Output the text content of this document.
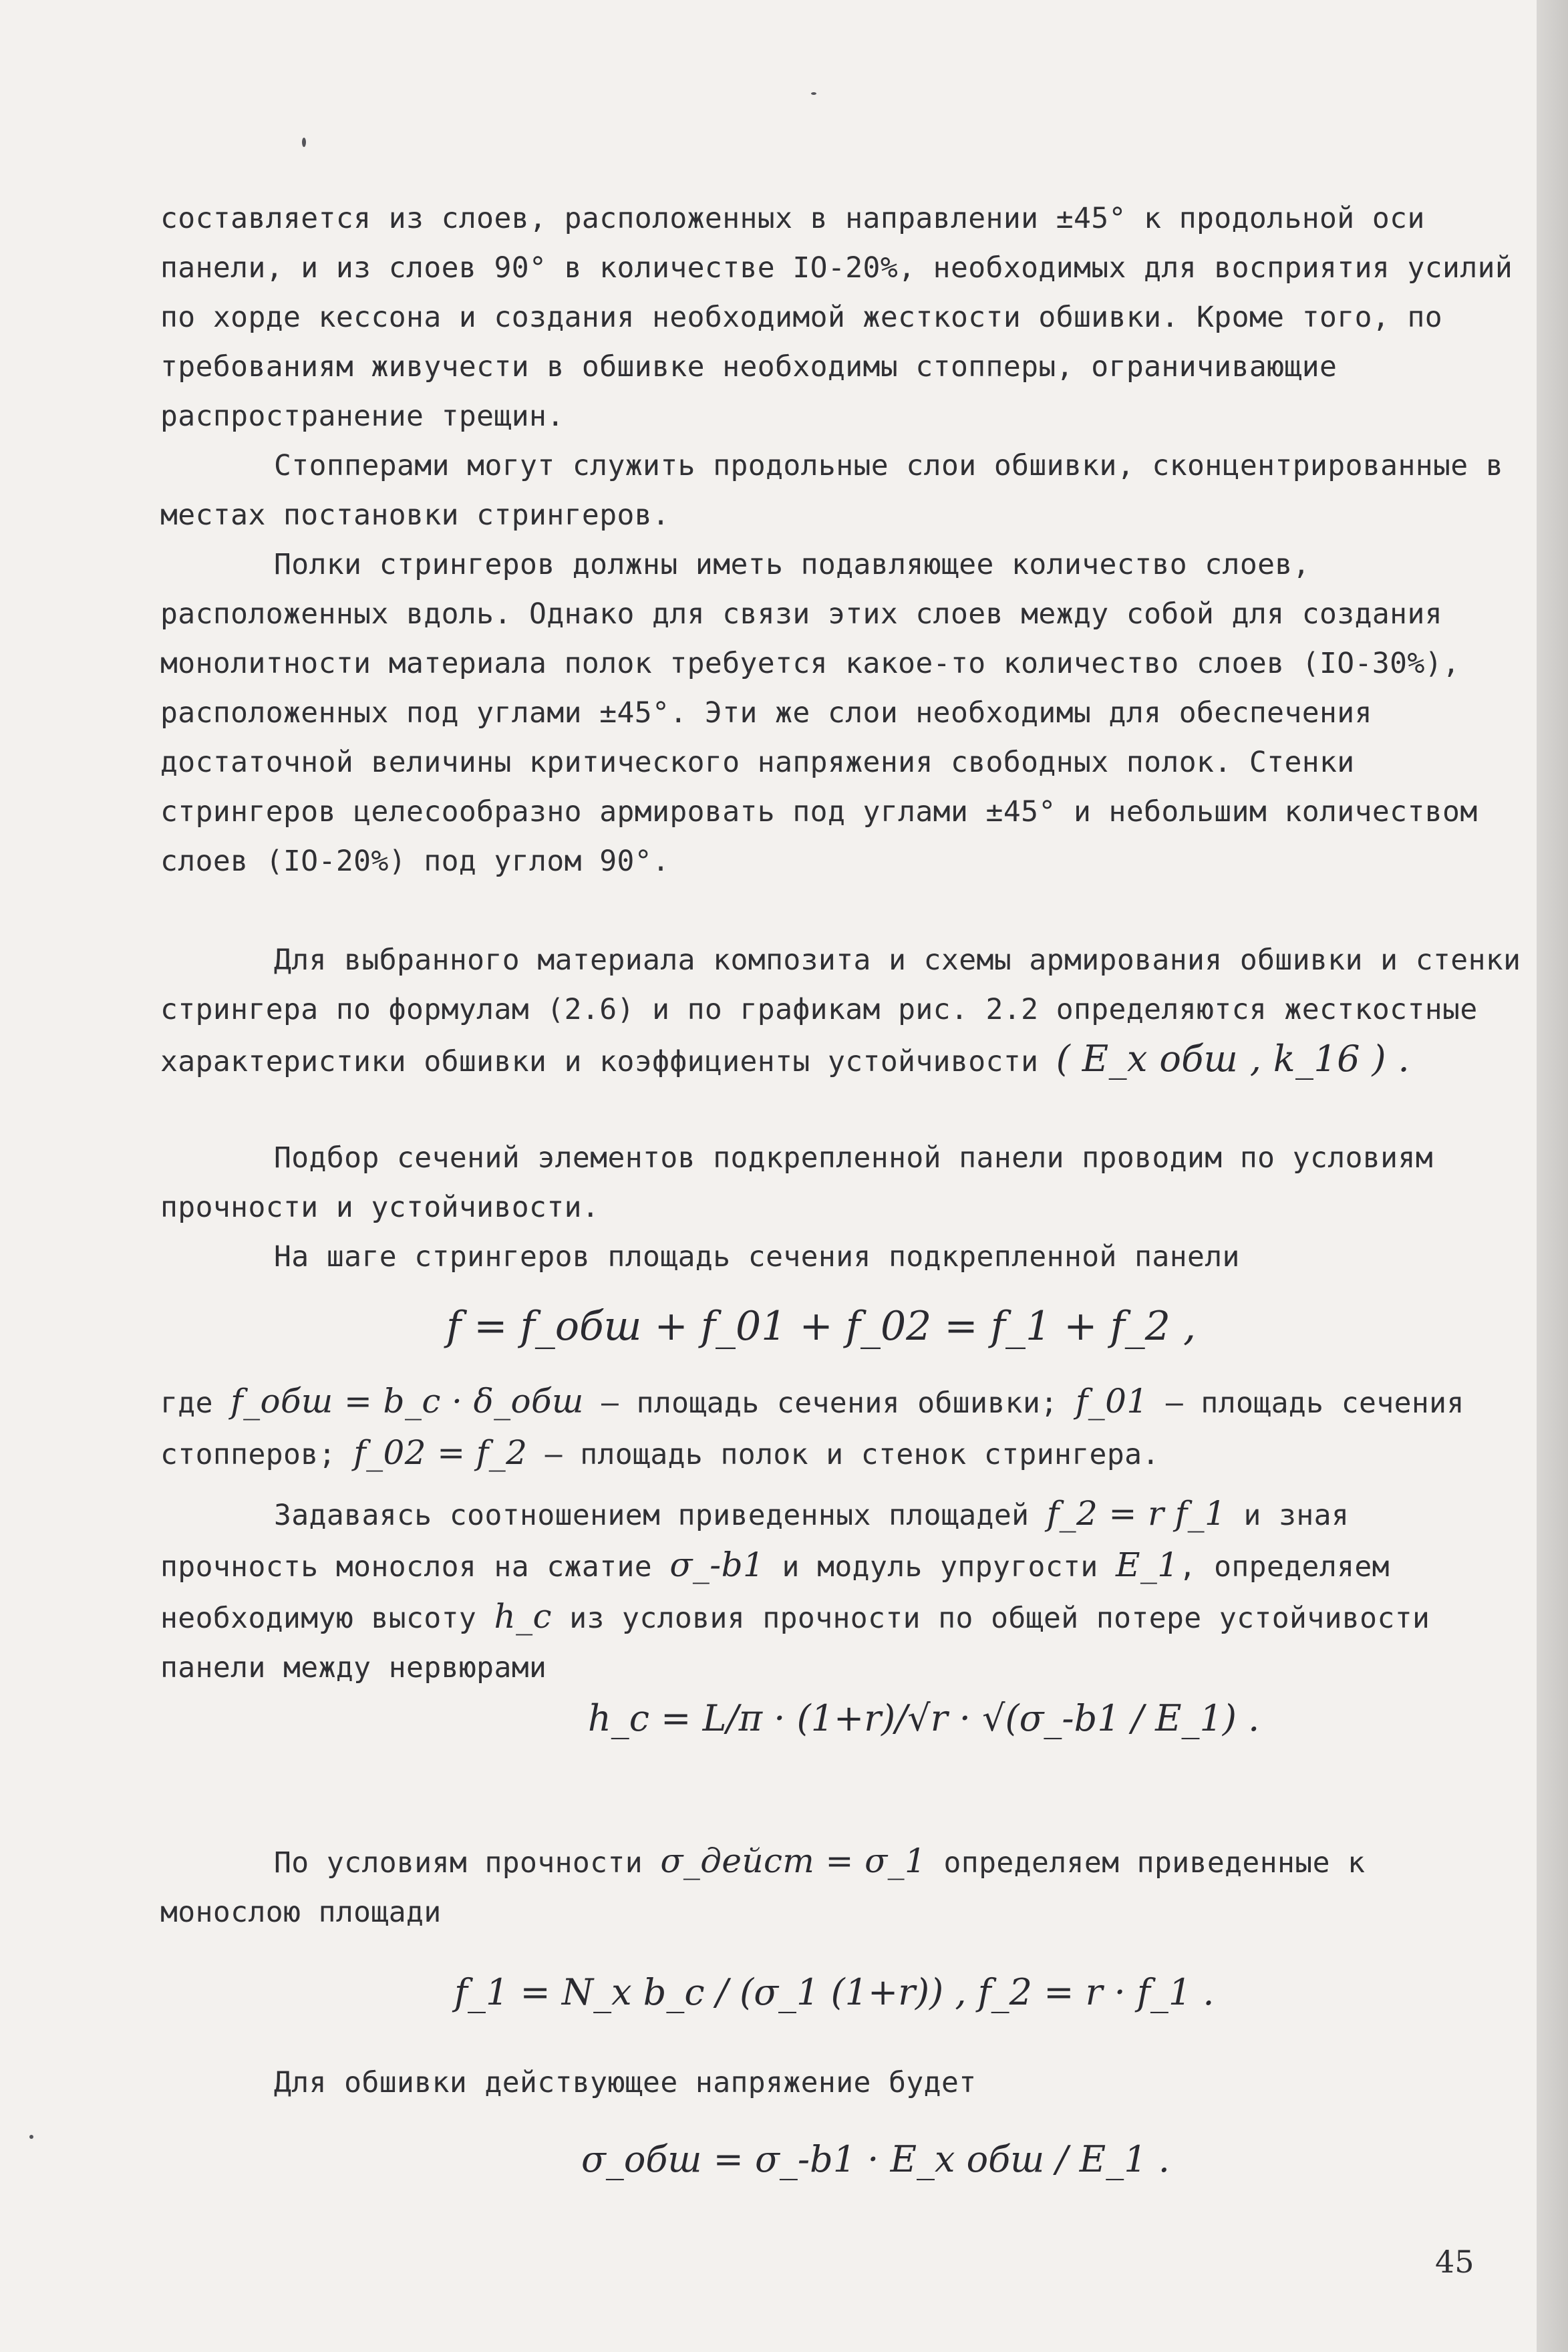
составляется из слоев, расположенных в направлении ±45° к продольной оси панели, и из слоев 90° в количестве IO-20%, необходимых для восприятия усилий по хорде кессона и создания необходимой жесткости обшивки. Кроме того, по требованиям живучести в обшивке необходимы стопперы, ограничивающие распространение трещин.

Стопперами могут служить продольные слои обшивки, сконцентрированные в местах постановки стрингеров.

Полки стрингеров должны иметь подавляющее количество слоев, расположенных вдоль. Однако для связи этих слоев между собой для создания монолитности материала полок требуется какое-то количество слоев (IO-30%), расположенных под углами ±45°. Эти же слои необходимы для обеспечения достаточной величины критического напряжения свободных полок. Стенки стрингеров целесообразно армировать под углами ±45° и небольшим количеством слоев (IO-20%) под углом 90°.

Для выбранного материала композита и схемы армирования обшивки и стенки стрингера по формулам (2.6) и по графикам рис. 2.2 определяются жесткостные характеристики обшивки и коэффициенты устойчивости ( E_x обш , k_16 ) .

Подбор сечений элементов подкрепленной панели проводим по условиям прочности и устойчивости.

На шаге стрингеров площадь сечения подкрепленной панели

f = f_обш + f_01 + f_02 = f_1 + f_2 ,

где f_обш = b_c · δ_обш – площадь сечения обшивки; f_01 – площадь сечения стопперов; f_02 = f_2 – площадь полок и стенок стрингера.

Задаваясь соотношением приведенных площадей f_2 = r f_1 и зная прочность монослоя на сжатие σ_-b1 и модуль упругости E_1, определяем необходимую высоту h_c из условия прочности по общей потере устойчивости панели между нервюрами

h_c = L/π · (1+r)/√r · √(σ_-b1 / E_1) .

По условиям прочности σ_дейст = σ_1 определяем приведенные к монослою площади

f_1 = N_x b_c / (σ_1 (1+r)) , f_2 = r · f_1 .

Для обшивки действующее напряжение будет

σ_обш = σ_-b1 · E_x обш / E_1 .
45
